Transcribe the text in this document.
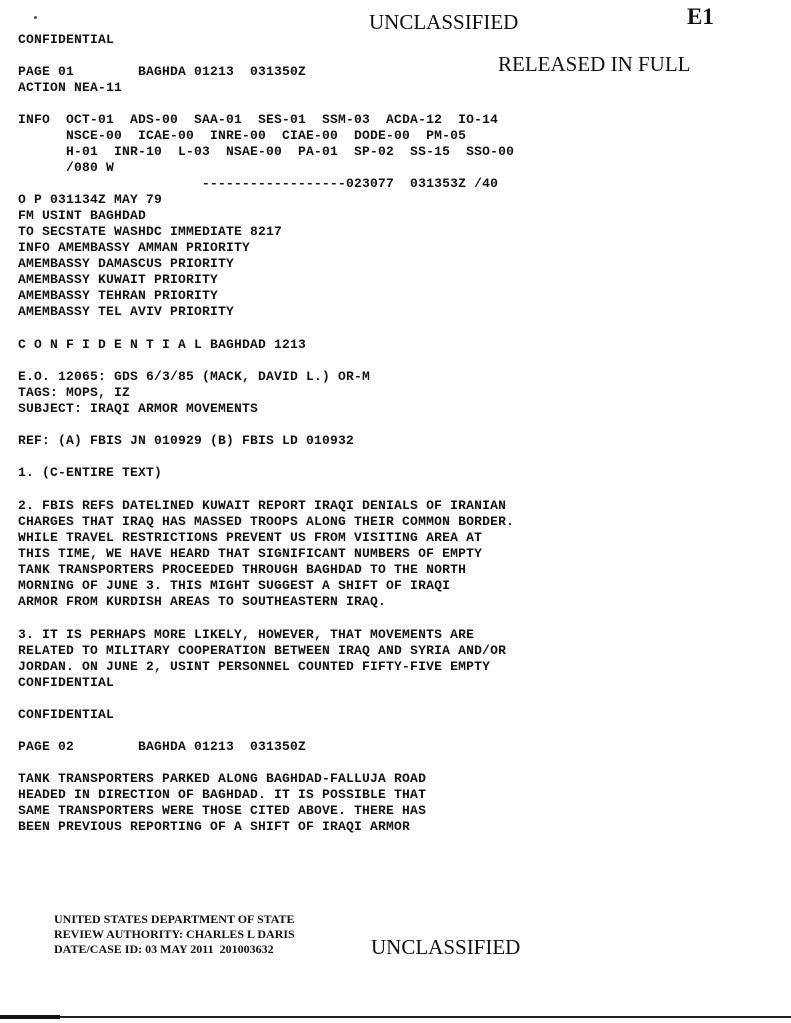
UNCLASSIFIED	E1
RELEASED IN FULL
CONFIDENTIAL
PAGE 01        BAGHDA 01213  031350Z
ACTION NEA-11
INFO  OCT-01  ADS-00  SAA-01  SES-01  SSM-03  ACDA-12  IO-14
NSCE-00  ICAE-00  INRE-00  CIAE-00  DODE-00  PM-05
H-01  INR-10  L-03  NSAE-00  PA-01  SP-02  SS-15  SSO-00
/080 W
------------------023077  031353Z /40
O P 031134Z MAY 79
FM USINT BAGHDAD
TO SECSTATE WASHDC IMMEDIATE 8217
INFO AMEMBASSY AMMAN PRIORITY
AMEMBASSY DAMASCUS PRIORITY
AMEMBASSY KUWAIT PRIORITY
AMEMBASSY TEHRAN PRIORITY
AMEMBASSY TEL AVIV PRIORITY
C O N F I D E N T I A L BAGHDAD 1213
E.O. 12065: GDS 6/3/85 (MACK, DAVID L.) OR-M
TAGS: MOPS, IZ
SUBJECT: IRAQI ARMOR MOVEMENTS
REF: (A) FBIS JN 010929 (B) FBIS LD 010932
1. (C-ENTIRE TEXT)
2. FBIS REFS DATELINED KUWAIT REPORT IRAQI DENIALS OF IRANIAN
CHARGES THAT IRAQ HAS MASSED TROOPS ALONG THEIR COMMON BORDER.
WHILE TRAVEL RESTRICTIONS PREVENT US FROM VISITING AREA AT
THIS TIME, WE HAVE HEARD THAT SIGNIFICANT NUMBERS OF EMPTY
TANK TRANSPORTERS PROCEEDED THROUGH BAGHDAD TO THE NORTH
MORNING OF JUNE 3. THIS MIGHT SUGGEST A SHIFT OF IRAQI
ARMOR FROM KURDISH AREAS TO SOUTHEASTERN IRAQ.
3. IT IS PERHAPS MORE LIKELY, HOWEVER, THAT MOVEMENTS ARE
RELATED TO MILITARY COOPERATION BETWEEN IRAQ AND SYRIA AND/OR
JORDAN. ON JUNE 2, USINT PERSONNEL COUNTED FIFTY-FIVE EMPTY
CONFIDENTIAL
CONFIDENTIAL
PAGE 02        BAGHDA 01213  031350Z
TANK TRANSPORTERS PARKED ALONG BAGHDAD-FALLUJA ROAD
HEADED IN DIRECTION OF BAGHDAD. IT IS POSSIBLE THAT
SAME TRANSPORTERS WERE THOSE CITED ABOVE. THERE HAS
BEEN PREVIOUS REPORTING OF A SHIFT OF IRAQI ARMOR
UNITED STATES DEPARTMENT OF STATE
REVIEW AUTHORITY: CHARLES L DARIS
DATE/CASE ID: 03 MAY 2011  201003632	UNCLASSIFIED
